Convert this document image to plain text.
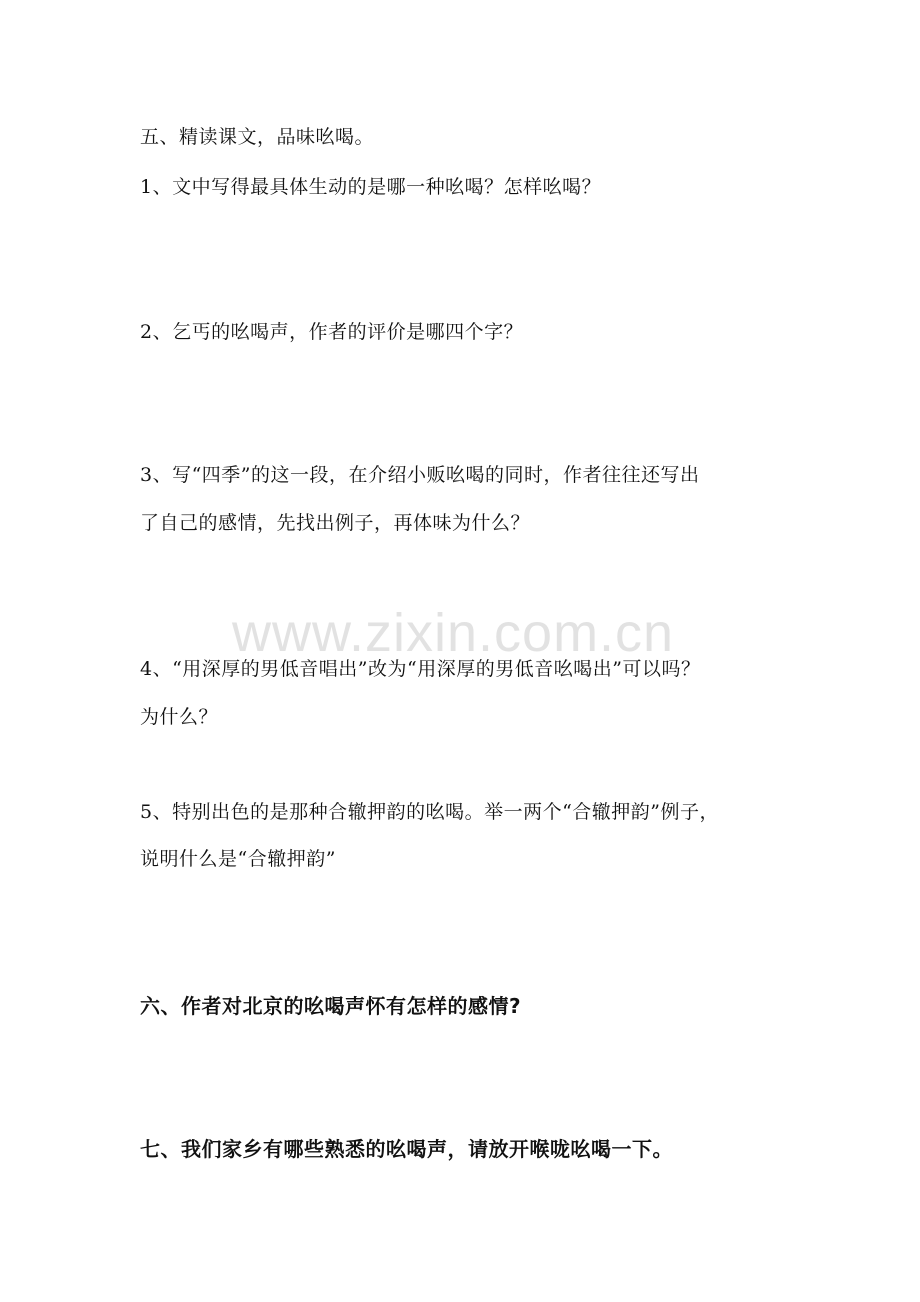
五、精读课文，品味吆喝。
1、文中写得最具体生动的是哪一种吆喝？怎样吆喝？
2、乞丐的吆喝声，作者的评价是哪四个字？
3、写“四季”的这一段，在介绍小贩吆喝的同时，作者往往还写出
了自己的感情，先找出例子，再体味为什么？
www.zixin.com.cn
4、“用深厚的男低音唱出”改为“用深厚的男低音吆喝出”可以吗？
为什么？
5、特别出色的是那种合辙押韵的吆喝。举一两个“合辙押韵”例子，
说明什么是“合辙押韵”
六、作者对北京的吆喝声怀有怎样的感情?
七、我们家乡有哪些熟悉的吆喝声，请放开喉咙吆喝一下。
